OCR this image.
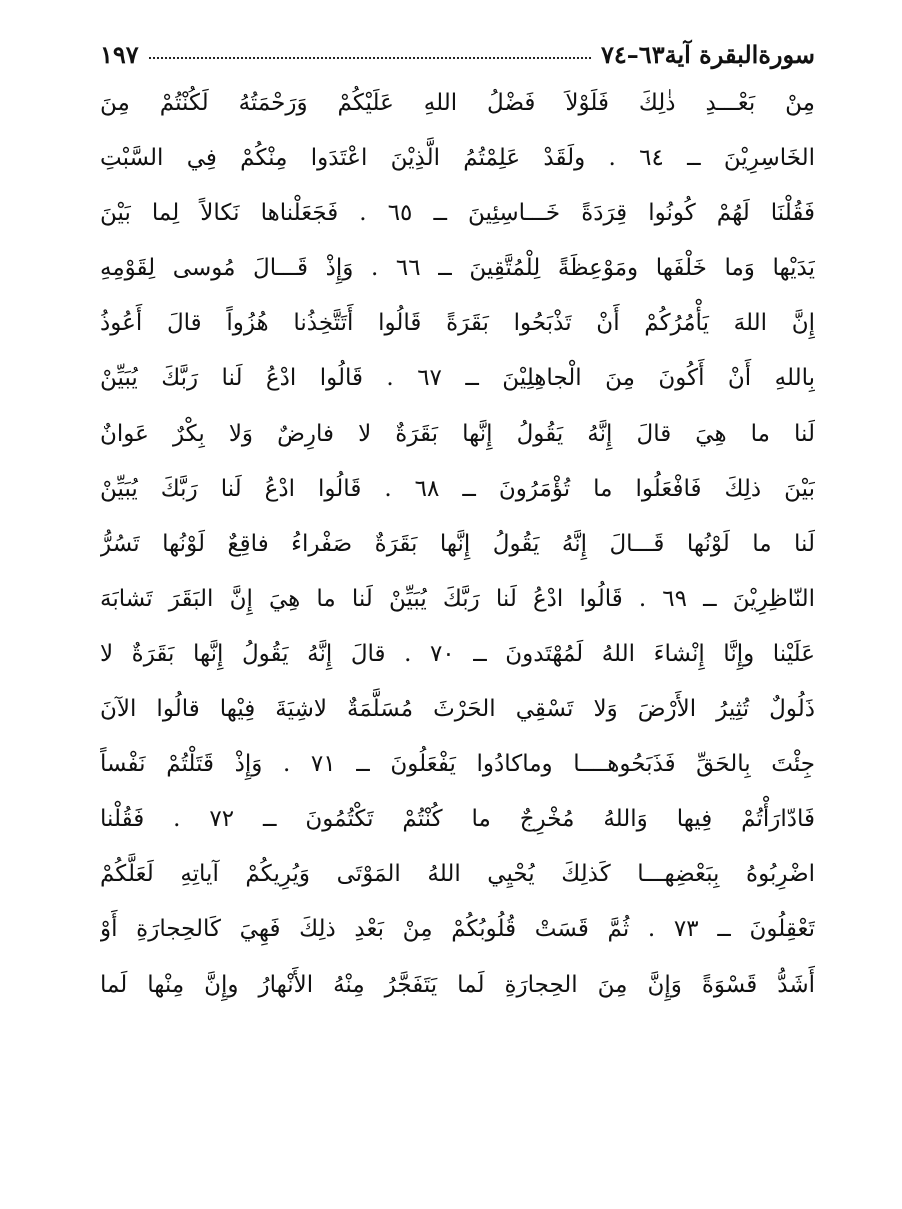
سورةالبقرة آية٦٣–٧٤
١٩٧
مِنْ بَعْـــدِ ذٰلِكَ فَلَوْلاَ فَضْلُ اللهِ عَلَيْكُمْ وَرَحْمَتُهُ لَكُنْتُمْ مِنَ
الخَاسِرِيْنَ ــ ٦٤ . ولَقَدْ عَلِمْتُمُ الَّذِيْنَ اعْتَدَوا مِنْكُمْ فِي السَّبْتِ
فَقُلْنَا لَهُمْ كُونُوا قِرَدَةً خَـــاسِئِينَ ــ ٦٥ . فَجَعَلْناها نَكالاً لِما بَيْنَ
يَدَيْها وَما خَلْفَها ومَوْعِظَةً لِلْمُتَّقِينَ ــ ٦٦ . وَإِذْ قَـــالَ مُوسى لِقَوْمِهِ
إِنَّ اللهَ يَأْمُرُكُمْ أَنْ تَذْبَحُوا بَقَرَةً قَالُوا أَتَتَّخِذُنا هُزُواً قالَ أَعُوذُ
بِاللهِ أَنْ أَكُونَ مِنَ الْجاهِلِيْنَ ــ ٦٧ . قَالُوا ادْعُ لَنا رَبَّكَ يُبَيِّنْ
لَنا ما هِيَ قالَ إِنَّهُ يَقُولُ إِنَّها بَقَرَةٌ لا فارِضٌ وَلا بِكْرٌ عَوانٌ
بَيْنَ ذلِكَ فَافْعَلُوا ما تُؤْمَرُونَ ــ ٦٨ . قَالُوا ادْعُ لَنا رَبَّكَ يُبَيِّنْ
لَنا ما لَوْنُها قَـــالَ إِنَّهُ يَقُولُ إِنَّها بَقَرَةٌ صَفْراءُ فاقِعٌ لَوْنُها تَسُرُّ
النّاظِرِيْنَ ــ ٦٩ . قَالُوا ادْعُ لَنا رَبَّكَ يُبَيِّنْ لَنا ما هِيَ إِنَّ البَقَرَ تَشابَهَ
عَلَيْنا وإِنَّا إِنْشاءَ اللهُ لَمُهْتَدونَ ــ ٧٠ . قالَ إِنَّهُ يَقُولُ إِنَّها بَقَرَةٌ لا
ذَلُولٌ تُثِيرُ الأَرْضَ وَلا تَسْقِي الحَرْثَ مُسَلَّمَةٌ لاشِيَةَ فِيْها قالُوا الآنَ
جِئْتَ بِالحَقِّ فَذَبَحُوهــــا وماكادُوا يَفْعَلُونَ ــ ٧١ . وَإِذْ قَتَلْتُمْ نَفْساً
فَادّارَأْتُمْ فِيها وَاللهُ مُخْرِجٌ ما كُنْتُمْ تَكْتُمُونَ ــ ٧٢ . فَقُلْنا
اضْرِبُوهُ بِبَعْضِهـــا كَذلِكَ يُحْيِي اللهُ المَوْتَى وَيُرِيكُمْ آياتِهِ لَعَلَّكُمْ
تَعْقِلُونَ ــ ٧٣ . ثُمَّ قَسَتْ قُلُوبُكُمْ مِنْ بَعْدِ ذلِكَ فَهِيَ كَالحِجارَةِ أَوْ
أَشَدُّ قَسْوَةً وَإِنَّ مِنَ الحِجارَةِ لَما يَتَفَجَّرُ مِنْهُ الأَنْهارُ وإِنَّ مِنْها لَما
